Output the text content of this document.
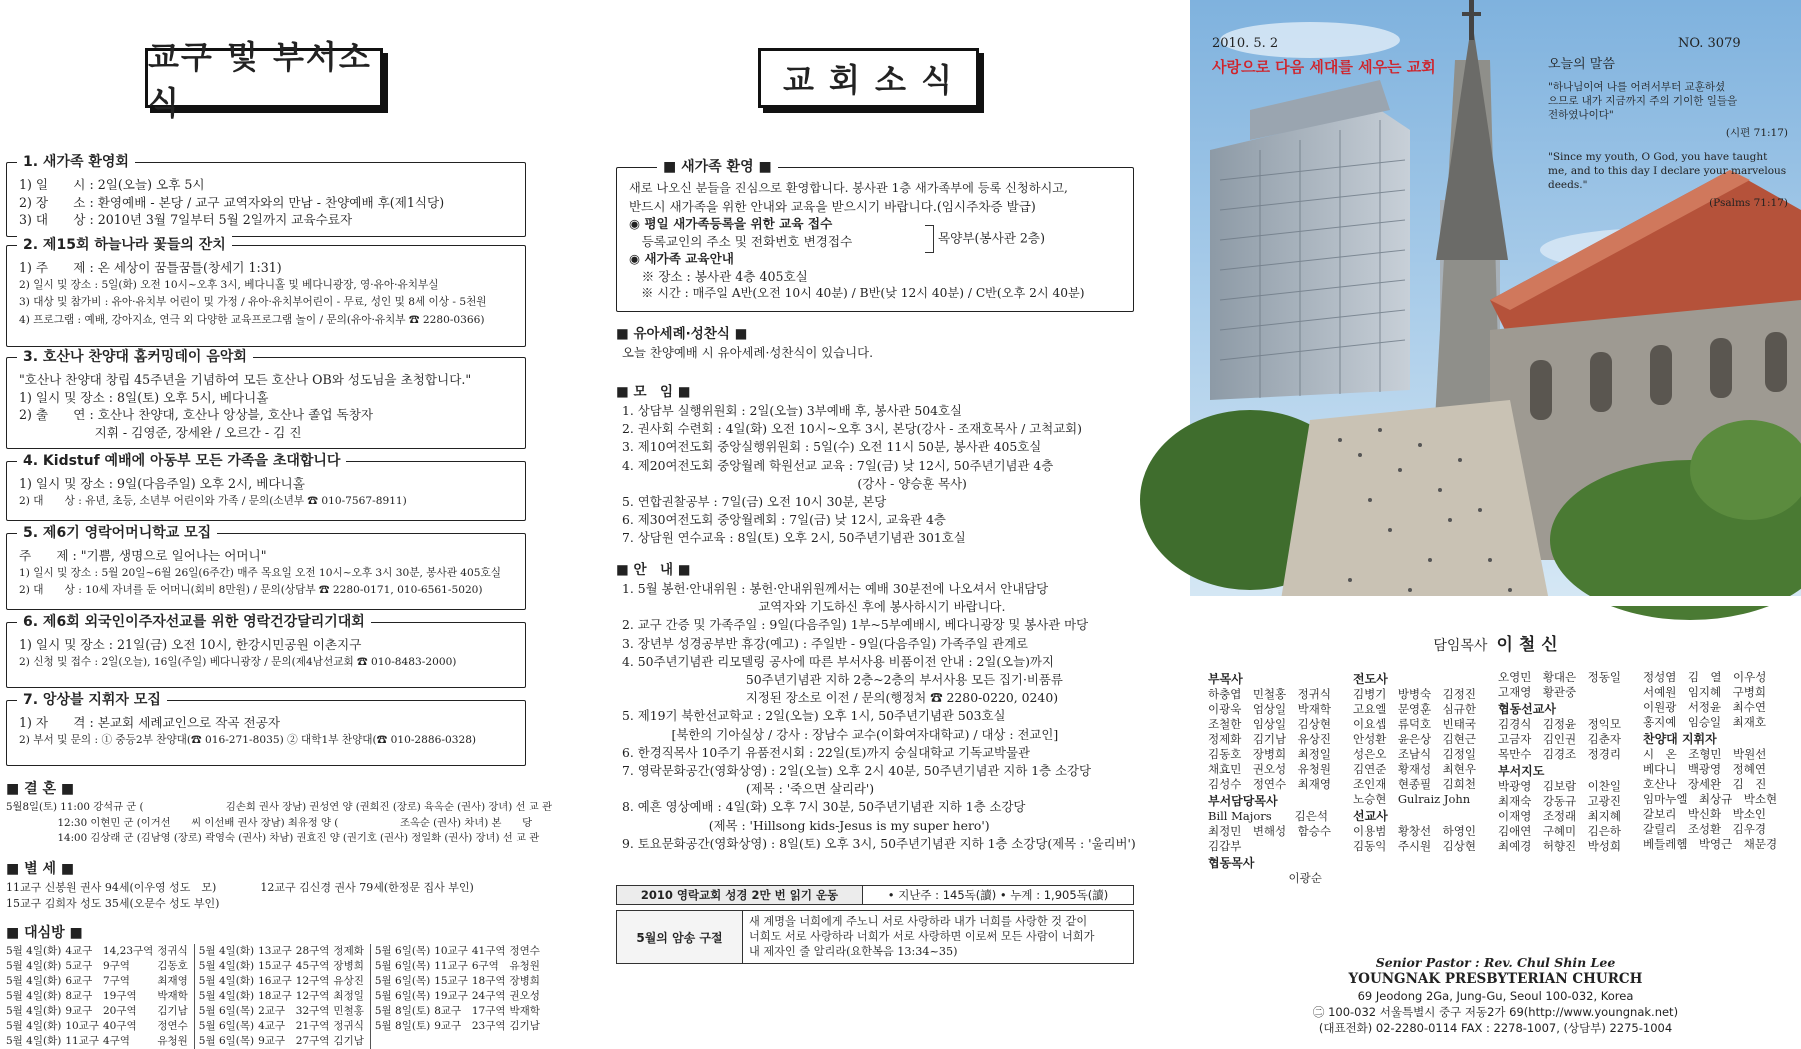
교구 및 부서소식
1. 새가족 환영회

1) 일　　시 : 2일(오늘) 오후 5시

2) 장　　소 : 환영예배 - 본당 / 교구 교역자와의 만남 - 찬양예배 후(제1식당)

3) 대　　상 : 2010년 3월 7일부터 5월 2일까지 교육수료자

2. 제15회 하늘나라 꽃들의 잔치

1) 주　　제 : 온 세상이 꿈틀꿈틀(창세기 1:31)

2) 일시 및 장소 : 5일(화) 오전 10시~오후 3시, 베다니홀 및 베다니광장, 영·유아·유치부실

3) 대상 및 참가비 : 유아·유치부 어린이 및 가정 / 유아·유치부어린이 - 무료, 성인 및 8세 이상 - 5천원

4) 프로그램 : 예배, 강아지쇼, 연극 외 다양한 교육프로그램 놀이 / 문의(유아·유치부 ☎ 2280-0366)

3. 호산나 찬양대 홈커밍데이 음악회

"호산나 찬양대 창립 45주년을 기념하여 모든 호산나 OB와 성도님을 초청합니다."

1) 일시 및 장소 : 8일(토) 오후 5시, 베다니홀

2) 출　　연 : 호산나 찬양대, 호산나 앙상블, 호산나 졸업 독창자

　　　　　　지휘 - 김영준, 장세완 / 오르간 - 김 진

4. Kidstuf 예배에 아동부 모든 가족을 초대합니다

1) 일시 및 장소 : 9일(다음주일) 오후 2시, 베다니홀

2) 대　　상 : 유년, 초등, 소년부 어린이와 가족 / 문의(소년부 ☎ 010-7567-8911)

5. 제6기 영락어머니학교 모집

주　　제 : "기쁨, 생명으로 일어나는 어머니"

1) 일시 및 장소 : 5월 20일~6월 26일(6주간) 매주 목요일 오전 10시~오후 3시 30분, 봉사관 405호실

2) 대　　상 : 10세 자녀를 둔 어머니(회비 8만원) / 문의(상담부 ☎ 2280-0171, 010-6561-5020)

6. 제6회 외국인이주자선교를 위한 영락건강달리기대회

1) 일시 및 장소 : 21일(금) 오전 10시, 한강시민공원 이촌지구

2) 신청 및 접수 : 2일(오늘), 16일(주일) 베다니광장 / 문의(제4남선교회 ☎ 010-8483-2000)

7. 앙상블 지휘자 모집

1) 자　　격 : 본교회 세례교인으로 작곡 전공자

2) 부서 및 문의 : ① 중등2부 찬양대(☎ 016-271-8035) ② 대학1부 찬양대(☎ 010-2886-0328)

■ 결 혼 ■

5월8일(토) 11:00 강석규 군 (　　　　　　　　김손희 권사 장남) 권성연 양 (권희진 (장로) 육옥순 (권사) 장녀) 선 교 관

　　　　　12:30 이현민 군 (이거선　　씨 이선배 권사 장남) 최유정 양 (　　　　　　조옥순 (권사) 차녀) 본　　당

　　　　　14:00 김상래 군 (김남영 (장로) 곽영숙 (권사) 차남) 권효진 양 (권기호 (권사) 정일화 (권사) 장녀) 선 교 관

■ 별 세 ■

11교구 신봉원 권사 94세(이우영 성도　모)　　　　12교구 김신경 권사 79세(한정문 집사 부인)

15교구 김희자 성도 35세(오문수 성도 부인)

■ 대심방 ■
5월 4일(화)	4교구	14,23구역	정귀식	5월 4일(화)	13교구	28구역	정제화	5월 6일(목)	10교구	41구역	정연수
5월 4일(화)	5교구	9구역	김동호	5월 4일(화)	15교구	45구역	장병희	5월 6일(목)	11교구	6구역	유청원
5월 4일(화)	6교구	7구역	최재영	5월 4일(화)	16교구	12구역	유상진	5월 6일(목)	15교구	18구역	장병희
5월 4일(화)	8교구	19구역	박재학	5월 4일(화)	18교구	12구역	최정일	5월 6일(목)	19교구	24구역	권오성
5월 4일(화)	9교구	20구역	김기남	5월 6일(목)	2교구	32구역	민철홍	5월 8일(토)	8교구	17구역	박재학
5월 4일(화)	10교구	40구역	정연수	5월 6일(목)	4교구	21구역	정귀식	5월 8일(토)	9교구	23구역	김기남
5월 4일(화)	11교구	4구역	유청원	5월 6일(목)	9교구	27구역	김기남				
교 회 소 식
■ 새가족 환영 ■

새로 나오신 분들을 진심으로 환영합니다. 봉사관 1층 새가족부에 등록 신청하시고,

반드시 새가족을 위한 안내와 교육을 받으시기 바랍니다.(임시주차증 발급)

◉ 평일 새가족등록을 위한 교육 접수

　등록교인의 주소 및 전화번호 변경접수

◉ 새가족 교육안내

　※ 장소 : 봉사관 4층 405호실

　※ 시간 : 매주일 A반(오전 10시 40분) / B반(낮 12시 40분) / C반(오후 2시 40분)

목양부(봉사관 2층)
■ 유아세례·성찬식 ■

오늘 찬양예배 시 유아세례·성찬식이 있습니다.

■ 모　임 ■

1. 상담부 실행위원회 : 2일(오늘) 3부예배 후, 봉사관 504호실

2. 권사회 수련회 : 4일(화) 오전 10시~오후 3시, 본당(강사 - 조재호목사 / 고척교회)

3. 제10여전도회 중앙실행위원회 : 5일(수) 오전 11시 50분, 봉사관 405호실

4. 제20여전도회 중앙월례 학원선교 교육 : 7일(금) 낮 12시, 50주년기념관 4층

　　　　　　　　　　　　　　　　　　　(강사 - 양승훈 목사)

5. 연합권찰공부 : 7일(금) 오전 10시 30분, 본당

6. 제30여전도회 중앙월례회 : 7일(금) 낮 12시, 교육관 4층

7. 상담원 연수교육 : 8일(토) 오후 2시, 50주년기념관 301호실

■ 안　내 ■

1. 5월 봉헌·안내위원 : 봉헌·안내위원께서는 예배 30분전에 나오셔서 안내담당

　　　　　　　　　　　교역자와 기도하신 후에 봉사하시기 바랍니다.

2. 교구 간증 및 가족주일 : 9일(다음주일) 1부~5부예배시, 베다니광장 및 봉사관 마당

3. 장년부 성경공부반 휴강(예고) : 주일반 - 9일(다음주일) 가족주일 관계로

4. 50주년기념관 리모델링 공사에 따른 부서사용 비품이전 안내 : 2일(오늘)까지

　　　　　　　　　　50주년기념관 지하 2층~2층의 부서사용 모든 집기·비품류

　　　　　　　　　　지정된 장소로 이전 / 문의(행정처 ☎ 2280-0220, 0240)

5. 제19기 북한선교학교 : 2일(오늘) 오후 1시, 50주년기념관 503호실

　　　　[북한의 기아실상 / 강사 : 장남수 교수(이화여자대학교) / 대상 : 전교인]

6. 한경직목사 10주기 유품전시회 : 22일(토)까지 숭실대학교 기독교박물관

7. 영락문화공간(영화상영) : 2일(오늘) 오후 2시 40분, 50주년기념관 지하 1층 소강당

　　　　　　　　　　(제목 : '죽으면 살리라')

8. 예흔 영상예배 : 4일(화) 오후 7시 30분, 50주년기념관 지하 1층 소강당

　　　　　　　(제목 : 'Hillsong kids-Jesus is my super hero')

9. 토요문화공간(영화상영) : 8일(토) 오후 3시, 50주년기념관 지하 1층 소강당(제목 : '울리버')

2010 영락교회 성경 2만 번 읽기 운동	• 지난주 : 145독(讀) • 누계 : 1,905독(讀)
5월의 암송 구절

새 계명을 너희에게 주노니 서로 사랑하라 내가 너희를 사랑한 것 같이

너희도 서로 사랑하라 너희가 서로 사랑하면 이로써 모든 사람이 너희가

내 제자인 줄 알리라(요한복음 13:34~35)

2010. 5. 2	NO. 3079
사랑으로 다음 세대를 세우는 교회	오늘의 말씀
"하나님이여 나를 어려서부터 교훈하셨
으므로 내가 지금까지 주의 기이한 일들을
전하였나이다"
(시편 71:17)
"Since my youth, O God, you have taught
me, and to this day I declare your marvelous
deeds."
(Psalms 71:17)
담임목사 이 철 신

부목사

하충엽　민철홍　정귀식

이광욱　엄상일　박재학

조철한　임상일　김상현

정제화　김기남　유상진

김동호　장병희　최정일

채효민　권오성　유청원

김성수　정연수　최재영

부서담당목사

Bill Majors　　김은석

최정민　변해성　함승수

김갑부

협동목사

　　　　　　　이광순

전도사

김병기　방병숙　김정진

고요엘　문영훈　심규한

이요셉　류덕호　빈태국

안성환　윤은상　김현근

성은오　조남식　김정일

김연준　황재성　최현우

조인재　현종필　김희천

노승현　Gulraiz John

선교사

이용범　황창선　하영인

김동익　주시원　김상현

오영민　황대은　정동일

고재영　황관중

협동선교사

김경식　김정윤　정익모

고금자　김인권　김춘자

목만수　김경조　정경리

부서지도

박광영　김보람　이찬일

최재숙　강동규　고광진

이재영　조정래　최지혜

김애연　구혜미　김은하

최예경　허향진　박성희

정성염　김　열　이우성

서예원　임지혜　구병희

이원광　서정윤　최수연

홍지예　임승일　최재호

찬양대 지휘자

시　온　조형민　박원선

베다니　백광영　정혜연

호산나　장세완　김　진

임마누엘　최상규　박소현

갈보리　박신화　박소인

갈릴리　조성환　김우경

베들레헴　박영근　채문경

Senior Pastor : Rev. Chul Shin Lee
YOUNGNAK PRESBYTERIAN CHURCH
69 Jeodong 2Ga, Jung-Gu, Seoul 100-032, Korea
㊁ 100-032 서울특별시 중구 저동2가 69(http://www.youngnak.net)
(대표전화) 02-2280-0114 FAX : 2278-1007, (상담부) 2275-1004
